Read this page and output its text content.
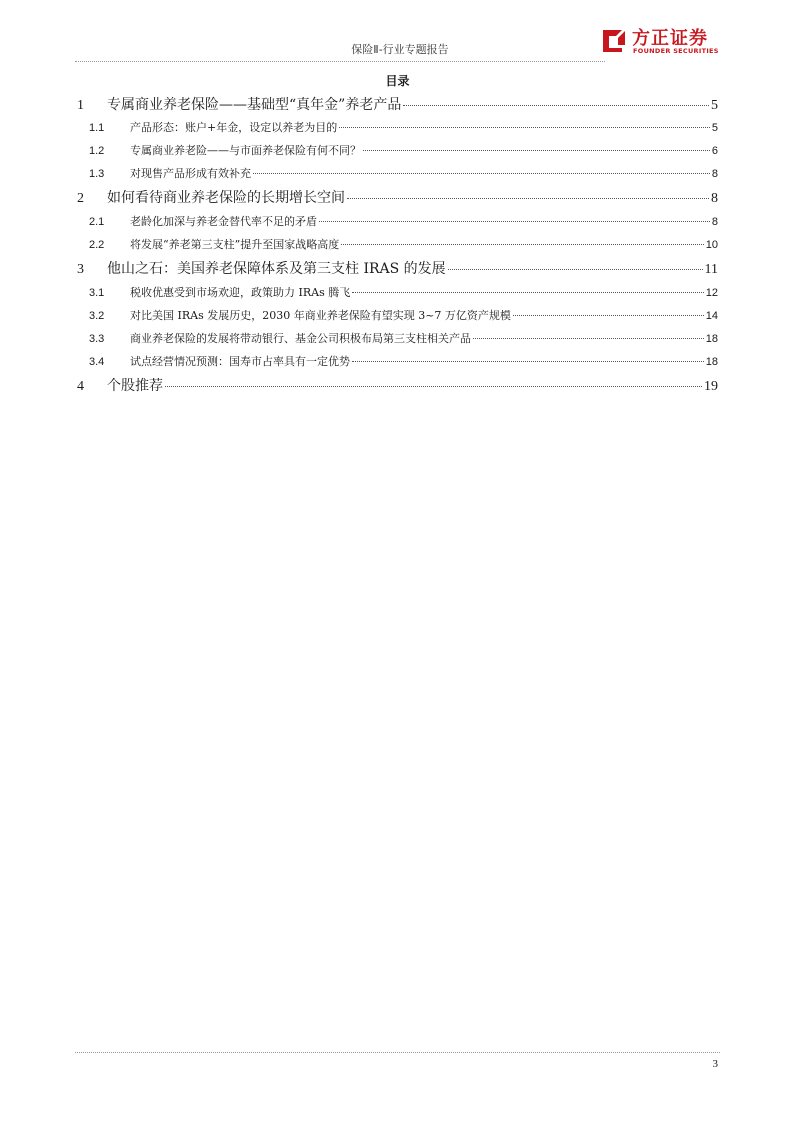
保险Ⅱ-行业专题报告
方正证券
FOUNDER SECURITIES
目录
1	专属商业养老保险——基础型“真年金”养老产品	5
1.1	产品形态：账户+年金，设定以养老为目的	5
1.2	专属商业养老险——与市面养老保险有何不同？	6
1.3	对现售产品形成有效补充	8
2	如何看待商业养老保险的长期增长空间	8
2.1	老龄化加深与养老金替代率不足的矛盾	8
2.2	将发展“养老第三支柱”提升至国家战略高度	10
3	他山之石：美国养老保障体系及第三支柱 IRAS 的发展	11
3.1	税收优惠受到市场欢迎，政策助力 IRAs 腾飞	12
3.2	对比美国 IRAs 发展历史，2030 年商业养老保险有望实现 3~7 万亿资产规模	14
3.3	商业养老保险的发展将带动银行、基金公司积极布局第三支柱相关产品	18
3.4	试点经营情况预测：国寿市占率具有一定优势	18
4	个股推荐	19
3
